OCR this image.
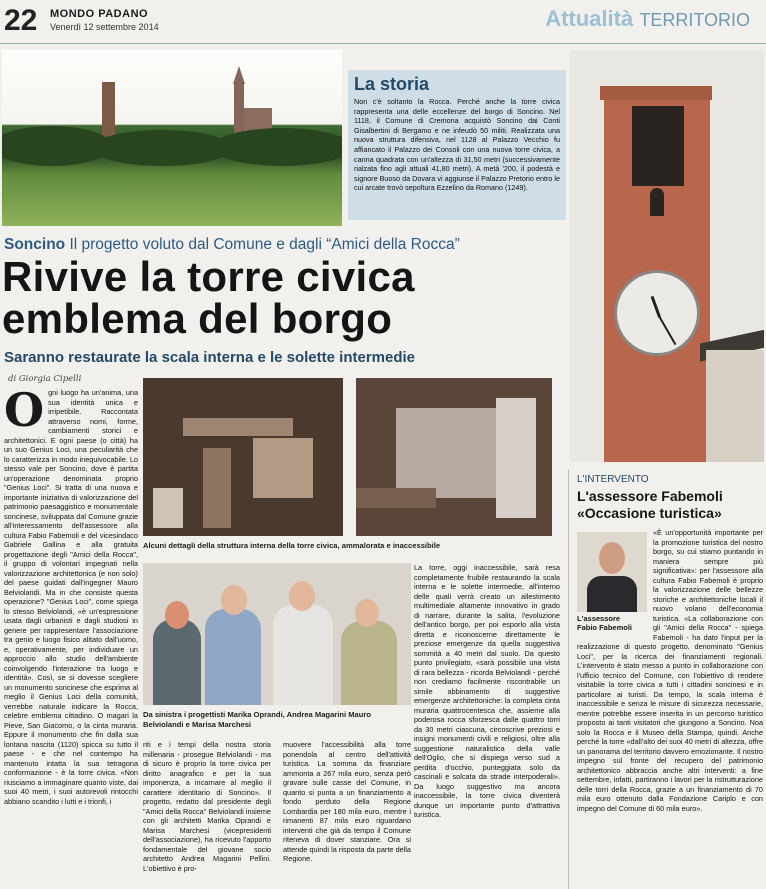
22 MONDO PADANO
Venerdì 12 settembre 2014	Attualità TERRITORIO
La storia

Non c'è soltanto la Rocca. Perché anche la torre civica rappresenta una delle eccellenze del borgo di Soncino. Nel 1118, il Comune di Cremona acquistò Soncino dai Conti Gisalbertini di Bergamo e ne infeudò 50 militi. Realizzata una nuova struttura difensiva, nel 1128 al Palazzo Vecchio fu affiancato il Palazzo dei Consoli con una nuova torre civica, a canna quadrata con un'altezza di 31,50 metri (successivamente rialzata fino agli attuali 41,80 metri). A metà '200, il podestà e signore Buoso da Dovara vi aggiunse il Palazzo Pretorio entro le cui arcate trovò sepoltura Ezzelino da Romano (1249).

Soncino Il progetto voluto dal Comune e dagli “Amici della Rocca”
Rivive la torre civica
emblema del borgo
Saranno restaurate la scala interna e le solette intermedie
di Giorgia Cipelli
O gni luogo ha un'anima, una sua identità unica e irripetibile. Raccontata attraverso nomi, forme, cambiamenti storici e architettonici. E ogni paese (o città) ha un suo Genius Loci, una peculiarità che lo caratterizza in modo inequivocabile. Lo stesso vale per Soncino, dove è partita un'operazione denominata proprio "Genius Loci". Si tratta di una nuova e importante iniziativa di valorizzazione del patrimonio paesaggistico e monumentale soncinese, sviluppata dal Comune grazie all'interessamento dell'assessore alla cultura Fabio Fabemoli e del vicesindaco Gabriele Gallina e alla gratuita progettazione degli "Amici della Rocca", il gruppo di volontari impegnati nella valorizzazione architettonica (e non solo) del paese guidati dall'ingegner Mauro Belviolandi. Ma in che consiste questa operazione? "Genius Loci", come spiega lo stesso Belviolandi, «è un'espressione usata dagli urbanisti e dagli studiosi in genere per rappresentare l'associazione tra genio e luogo fisico alitato dall'uomo, e, operativamente, per individuare un approccio allo studio dell'ambiente coinvolgendo l'interazione tra luogo e identità». Così, se si dovesse scegliere un monumento soncinese che esprima al meglio il Genius Loci della comunità, verrebbe naturale indicare la Rocca, celebre emblema cittadino. O magari la Pieve, San Giacomo, o la cinta muraria. Eppure il monumento che fin dalla sua lontana nascita (1120) spicca su tutto il paese - e che nel contempo ha mantenuto intatta la sua tetragona conformazione - è la torre civica. «Non riusciamo a immaginare quanto viste, dai suoi 40 metri, i suoi autorevoli rintocchi abbiano scandito i lutti e i trionfi, i
Alcuni dettagli della struttura interna della torre civica, ammalorata e inaccessibile
Da sinistra i progettisti Marika Oprandi, Andrea Magarini Mauro Belviolandi e Marisa Marchesi
riti e i tempi della nostra storia millenaria - prosegue Belviolandi - ma di sicuro è proprio la torre civica per diritto anagrafico e per la sua imponenza, a incarnare al meglio il carattere identitario di Soncino». Il progetto, redatto dal presidente degli "Amici della Rocca" Belviolandi insieme con gli architetti Marika Oprandi e Marisa Marchesi (vicepresidenti dell'associazione), ha ricevuto l'apporto fondamentale del giovane socio architetto Andrea Magarini Pellini. L'obiettivo è pro-
muovere l'accessibilità alla torre ponendola al centro dell'attività turistica. La somma da finanziare ammonta a 267 mila euro, senza però gravare sulle casse del Comune, in quanto si punta a un finanziamento a fondo perduto della Regione Lombardia per 180 mila euro, mentre i rimanenti 87 mila euro riguardano interventi che già da tempo il Comune riteneva di dover stanziare. Ora si attende quindi la risposta da parte della Regione.
La torre, oggi inaccessibile, sarà resa completamente fruibile restaurando la scala interna e le solette intermedie, all'interno delle quali verrà creato un allestimento multimediale altamente innovativo in grado di narrare, durante la salita, l'evoluzione dell'antico borgo, per poi esporlo alla vista diretta e riconoscerne direttamente le preziose emergenze da quella suggestiva sommità a 40 metri dal suolo. Da questo punto privilegiato, «sarà possibile una vista di rara bellezza - ricorda Belviolandi - perché non crediamo facilmente riscontrabile un simile abbinamento di suggestive emergenze architettoniche: la completa cinta muraria quattrocentesca che, assieme alla poderosa rocca sforzesca dalle quattro torri da 30 metri ciascuna, circoscrive preziosi e insigni monumenti civili e religiosi, oltre alla suggestione naturalistica della valle dell'Oglio, che si dispiega verso sud a perdita d'occhio, punteggiata solo da cascinali e solcata da strade interpoderali». Da luogo suggestivo ma ancora inaccessibile, la torre civica diventerà dunque un importante punto d'attrattiva turistica.
L'INTERVENTO
L'assessore Fabemoli «Occasione turistica»
L'assessore
Fabio Fabemoli
«È un'opportunità importante per la promozione turistica del nostro borgo, su cui stiamo puntando in maniera sempre più significativa»: per l'assessore alla cultura Fabio Fabemoli è proprio la valorizzazione delle bellezze storiche e architettoniche locali il nuovo volano dell'economia turistica. «La collaborazione con gli "Amici della Rocca" - spiega Fabemoli - ha dato l'input per la realizzazione di questo progetto, denominato "Genius Loci", per la ricerca dei finanziamenti regionali. L'intervento è stato messo a punto in collaborazione con l'ufficio tecnico del Comune, con l'obiettivo di rendere visitabile la torre civica a tutti i cittadini soncinesi e in particolare ai turisti. Da tempo, la scala interna è inaccessibile e senza le misure di sicurezza necessarie, mentre potrebbe essere inserita in un percorso turistico proposto ai tanti visitatori che giungono a Soncino. Noa solo la Rocca e il Museo della Stampa, quindi. Anche perché la torre «dall'alto dei suoi 40 metri di altezza, offre un panorama del territorio davvero emozionante. Il nostro impegno sul fronte del recupero del patrimonio architettonico abbraccia anche altri interventi: a fine settembre, infatti, partiranno i lavori per la ristrutturazione delle torri della Rocca, grazie a un finanziamento di 70 mila euro ottenuto dalla Fondazione Cariplo e con impegno del Comune di 60 mila euro».
